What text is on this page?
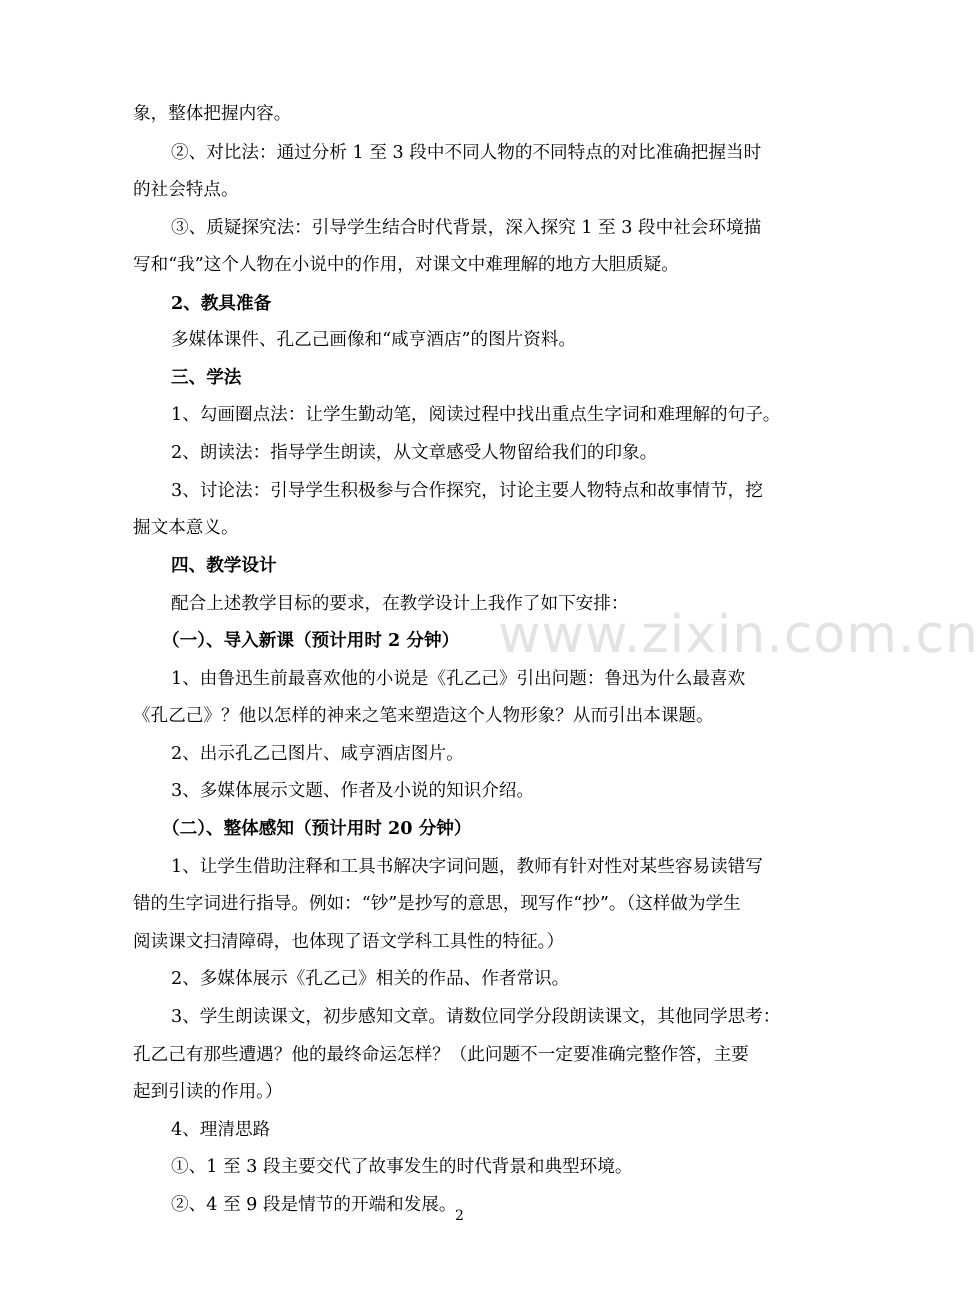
象，整体把握内容。
②、对比法：通过分析 1 至 3 段中不同人物的不同特点的对比准确把握当时
的社会特点。
③、质疑探究法：引导学生结合时代背景，深入探究 1 至 3 段中社会环境描
写和“我”这个人物在小说中的作用，对课文中难理解的地方大胆质疑。
2、教具准备
多媒体课件、孔乙己画像和“咸亨酒店”的图片资料。
三、学法
1、勾画圈点法：让学生勤动笔，阅读过程中找出重点生字词和难理解的句子。
2、朗读法：指导学生朗读，从文章感受人物留给我们的印象。
3、讨论法：引导学生积极参与合作探究，讨论主要人物特点和故事情节，挖
掘文本意义。
四、教学设计
配合上述教学目标的要求，在教学设计上我作了如下安排：
（一）、导入新课（预计用时 2 分钟）
1、由鲁迅生前最喜欢他的小说是《孔乙己》引出问题：鲁迅为什么最喜欢
《孔乙己》？他以怎样的神来之笔来塑造这个人物形象？从而引出本课题。
2、出示孔乙己图片、咸亨酒店图片。
3、多媒体展示文题、作者及小说的知识介绍。
（二）、整体感知（预计用时 20 分钟）
1、让学生借助注释和工具书解决字词问题，教师有针对性对某些容易读错写
错的生字词进行指导。例如：“钞”是抄写的意思，现写作“抄”。（这样做为学生
阅读课文扫清障碍，也体现了语文学科工具性的特征。）
2、多媒体展示《孔乙己》相关的作品、作者常识。
3、学生朗读课文，初步感知文章。请数位同学分段朗读课文，其他同学思考：
孔乙己有那些遭遇？他的最终命运怎样？（此问题不一定要准确完整作答，主要
起到引读的作用。）
4、理清思路
①、1 至 3 段主要交代了故事发生的时代背景和典型环境。
②、4 至 9 段是情节的开端和发展。
www.zixin.com.cn
2
